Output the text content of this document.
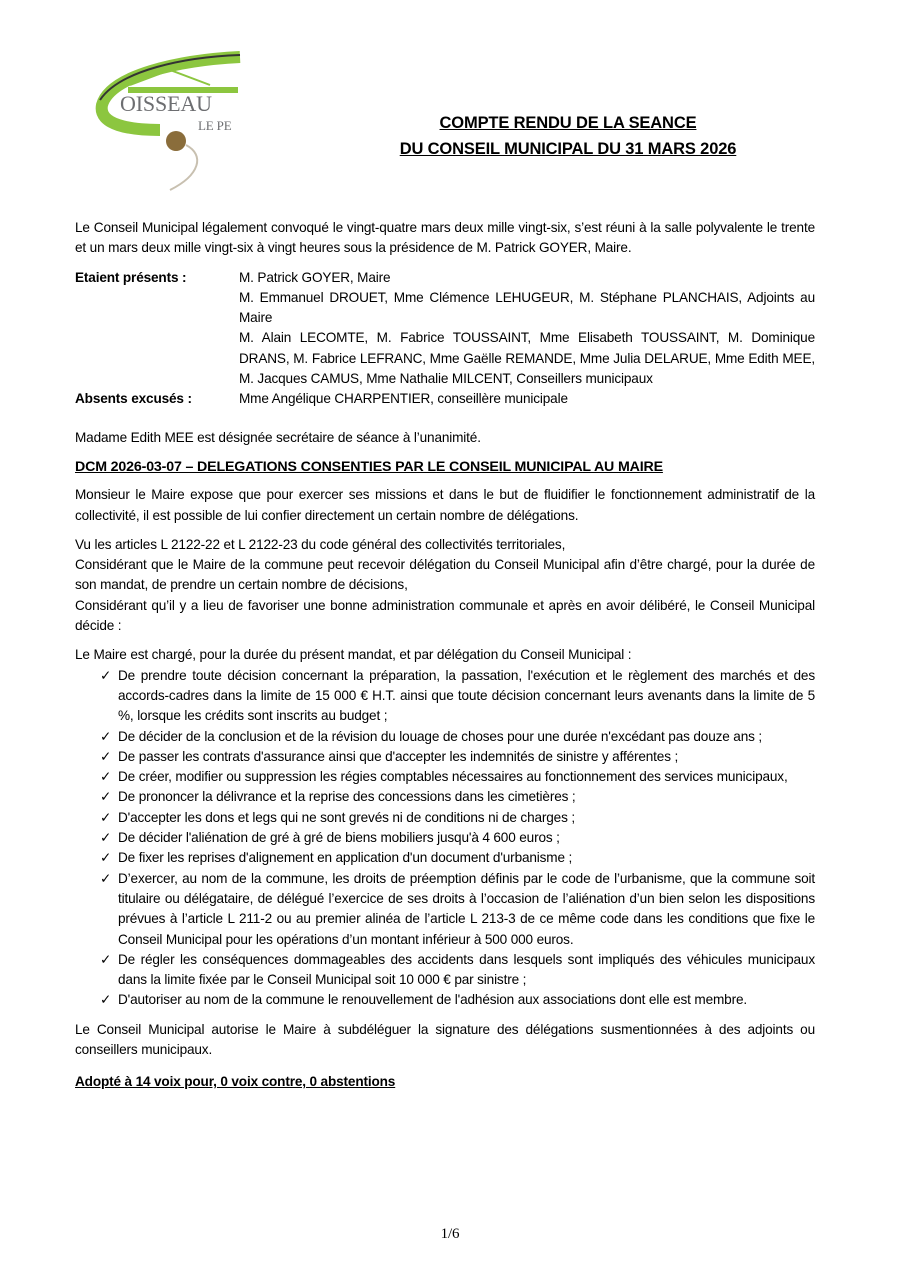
OISSEAU
LE PE	COMPTE RENDU DE LA SEANCE
DU CONSEIL MUNICIPAL DU 31 MARS 2026

Le Conseil Municipal légalement convoqué le vingt-quatre mars deux mille vingt-six, s’est réuni à la salle polyvalente le trente et un mars deux mille vingt-six à vingt heures sous la présidence de M. Patrick GOYER, Maire.

Etaient présents :	M. Patrick GOYER, Maire
M. Emmanuel DROUET, Mme Clémence LEHUGEUR, M. Stéphane PLANCHAIS, Adjoints au Maire
M. Alain LECOMTE, M. Fabrice TOUSSAINT, Mme Elisabeth TOUSSAINT, M. Dominique DRANS, M. Fabrice LEFRANC, Mme Gaëlle REMANDE, Mme Julia DELARUE, Mme Edith MEE, M. Jacques CAMUS, Mme Nathalie MILCENT, Conseillers municipaux
Absents excusés :	Mme Angélique CHARPENTIER, conseillère municipale

Madame Edith MEE est désignée secrétaire de séance à l’unanimité.

DCM 2026-03-07 – DELEGATIONS CONSENTIES PAR LE CONSEIL MUNICIPAL AU MAIRE

Monsieur le Maire expose que pour exercer ses missions et dans le but de fluidifier le fonctionnement administratif de la collectivité, il est possible de lui confier directement un certain nombre de délégations.

Vu les articles L 2122-22 et L 2122-23 du code général des collectivités territoriales,
Considérant que le Maire de la commune peut recevoir délégation du Conseil Municipal afin d’être chargé, pour la durée de son mandat, de prendre un certain nombre de décisions,
Considérant qu’il y a lieu de favoriser une bonne administration communale et après en avoir délibéré, le Conseil Municipal décide :

Le Maire est chargé, pour la durée du présent mandat, et par délégation du Conseil Municipal :
✓ De prendre toute décision concernant la préparation, la passation, l'exécution et le règlement des marchés et des accords-cadres dans la limite de 15 000 € H.T. ainsi que toute décision concernant leurs avenants dans la limite de 5 %, lorsque les crédits sont inscrits au budget ;
✓ De décider de la conclusion et de la révision du louage de choses pour une durée n'excédant pas douze ans ;
✓ De passer les contrats d'assurance ainsi que d'accepter les indemnités de sinistre y afférentes ;
✓ De créer, modifier ou suppression les régies comptables nécessaires au fonctionnement des services municipaux,
✓ De prononcer la délivrance et la reprise des concessions dans les cimetières ;
✓ D'accepter les dons et legs qui ne sont grevés ni de conditions ni de charges ;
✓ De décider l'aliénation de gré à gré de biens mobiliers jusqu'à 4 600 euros ;
✓ De fixer les reprises d'alignement en application d'un document d'urbanisme ;
✓ D’exercer, au nom de la commune, les droits de préemption définis par le code de l’urbanisme, que la commune soit titulaire ou délégataire, de délégué l’exercice de ses droits à l’occasion de l’aliénation d’un bien selon les dispositions prévues à l’article L 211-2 ou au premier alinéa de l’article L 213-3 de ce même code dans les conditions que fixe le Conseil Municipal pour les opérations d’un montant inférieur à 500 000 euros.
✓ De régler les conséquences dommageables des accidents dans lesquels sont impliqués des véhicules municipaux dans la limite fixée par le Conseil Municipal soit 10 000 € par sinistre ;
✓ D'autoriser au nom de la commune le renouvellement de l'adhésion aux associations dont elle est membre.

Le Conseil Municipal autorise le Maire à subdéléguer la signature des délégations susmentionnées à des adjoints ou conseillers municipaux.

Adopté à 14 voix pour, 0 voix contre, 0 abstentions

1/6
